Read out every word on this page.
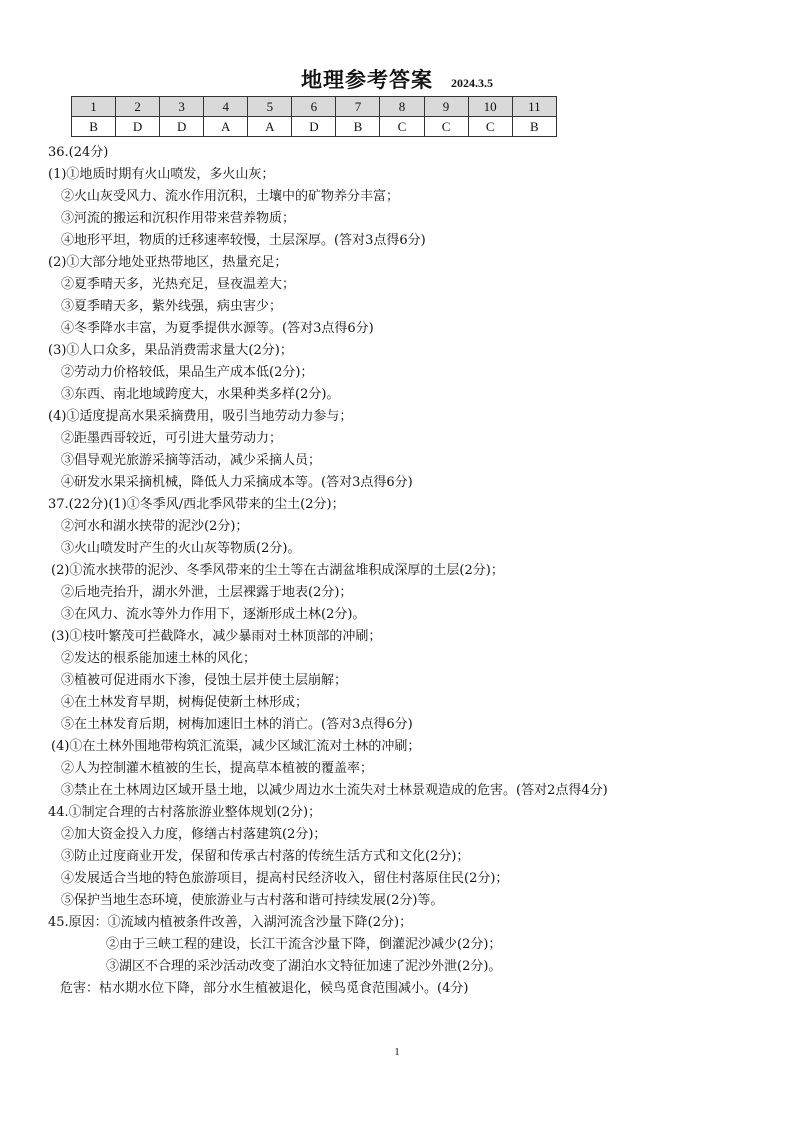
地理参考答案 2024.3.5
1	2	3	4	5	6	7	8	9	10	11
B	D	D	A	A	D	B	C	C	C	B
36.(24分)
(1)①地质时期有火山喷发，多火山灰；
②火山灰受风力、流水作用沉积，土壤中的矿物养分丰富；
③河流的搬运和沉积作用带来营养物质；
④地形平坦，物质的迁移速率较慢，土层深厚。(答对3点得6分)
(2)①大部分地处亚热带地区，热量充足；
②夏季晴天多，光热充足，昼夜温差大；
③夏季晴天多，紫外线强，病虫害少；
④冬季降水丰富，为夏季提供水源等。(答对3点得6分)
(3)①人口众多，果品消费需求量大(2分)；
②劳动力价格较低，果品生产成本低(2分)；
③东西、南北地域跨度大，水果种类多样(2分)。
(4)①适度提高水果采摘费用，吸引当地劳动力参与；
②距墨西哥较近，可引进大量劳动力；
③倡导观光旅游采摘等活动，减少采摘人员；
④研发水果采摘机械，降低人力采摘成本等。(答对3点得6分)
37.(22分)(1)①冬季风/西北季风带来的尘土(2分)；
②河水和湖水挟带的泥沙(2分)；
③火山喷发时产生的火山灰等物质(2分)。
(2)①流水挟带的泥沙、冬季风带来的尘土等在古湖盆堆积成深厚的土层(2分)；
②后地壳抬升，湖水外泄，土层裸露于地表(2分)；
③在风力、流水等外力作用下，逐渐形成土林(2分)。
(3)①枝叶繁茂可拦截降水，减少暴雨对土林顶部的冲刷；
②发达的根系能加速土林的风化；
③植被可促进雨水下渗，侵蚀土层并使土层崩解；
④在土林发育早期，树梅促使新土林形成；
⑤在土林发育后期，树梅加速旧土林的消亡。(答对3点得6分)
(4)①在土林外围地带构筑汇流渠，减少区域汇流对土林的冲刷；
②人为控制灌木植被的生长，提高草本植被的覆盖率；
③禁止在土林周边区域开垦土地，以减少周边水土流失对土林景观造成的危害。(答对2点得4分)
44.①制定合理的古村落旅游业整体规划(2分)；
②加大资金投入力度，修缮古村落建筑(2分)；
③防止过度商业开发，保留和传承古村落的传统生活方式和文化(2分)；
④发展适合当地的特色旅游项目，提高村民经济收入，留住村落原住民(2分)；
⑤保护当地生态环境，使旅游业与古村落和谐可持续发展(2分)等。
45.原因：①流域内植被条件改善，入湖河流含沙量下降(2分)；
②由于三峡工程的建设，长江干流含沙量下降，倒灌泥沙减少(2分)；
③湖区不合理的采沙活动改变了湖泊水文特征加速了泥沙外泄(2分)。
危害：枯水期水位下降，部分水生植被退化，候鸟觅食范围减小。(4分)
1
